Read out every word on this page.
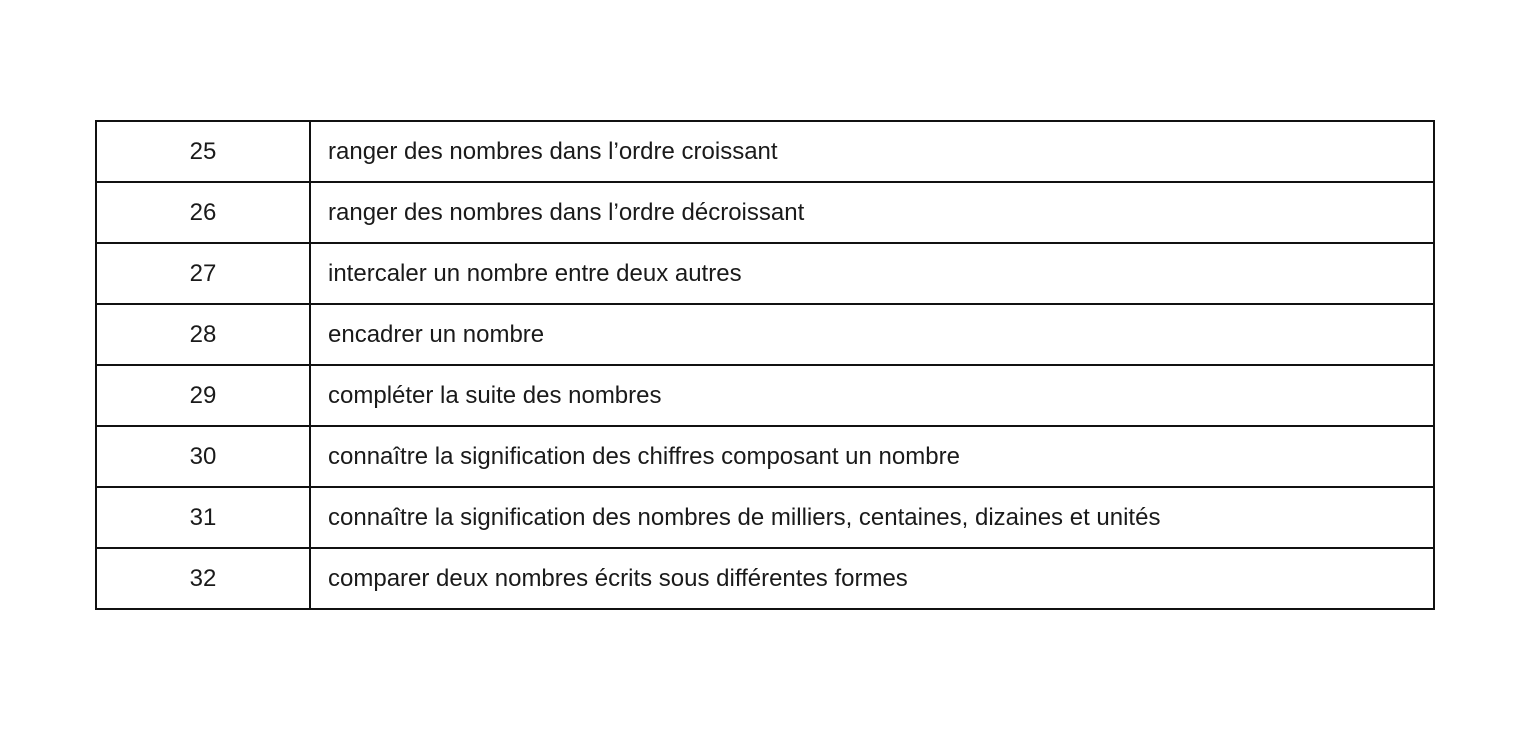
25	ranger des nombres dans l’ordre croissant
26	ranger des nombres dans l’ordre décroissant
27	intercaler un nombre entre deux autres
28	encadrer un nombre
29	compléter la suite des nombres
30	connaître la signification des chiffres composant un nombre
31	connaître la signification des nombres de milliers, centaines, dizaines et unités
32	comparer deux nombres écrits sous différentes formes
